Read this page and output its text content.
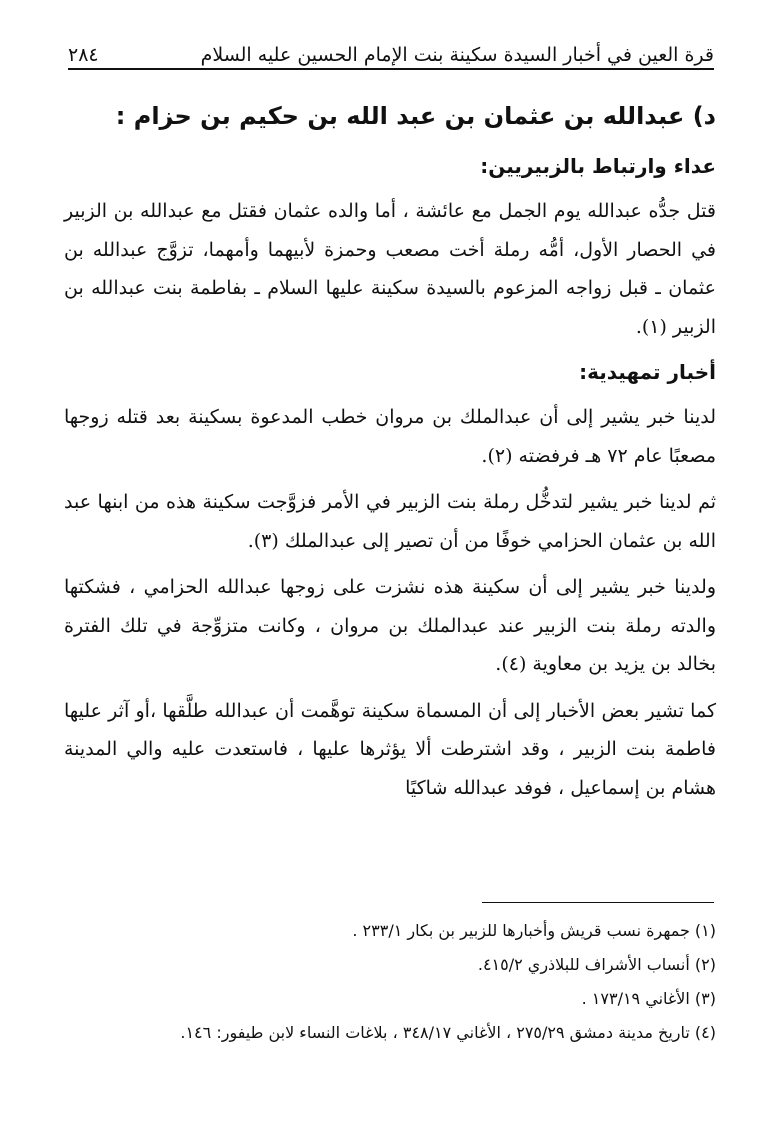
قرة العين في أخبار السيدة سكينة بنت الإمام الحسين عليه السلام
٢٨٤
د) عبدالله بن عثمان بن عبد الله بن حكيم بن حزام :
عداء وارتباط بالزبيريين:

قتل جدُّه عبدالله يوم الجمل مع عائشة ، أما والده عثمان فقتل مع عبدالله بن الزبير في الحصار الأول، أمُّه رملة أخت مصعب وحمزة لأبيهما وأمهما، تزوَّج عبدالله بن عثمان ـ قبل زواجه المزعوم بالسيدة سكينة عليها السلام ـ بفاطمة بنت عبدالله بن الزبير (١).

أخبار تمهيدية:

لدينا خبر يشير إلى أن عبدالملك بن مروان خطب المدعوة بسكينة بعد قتله زوجها مصعبًا عام ٧٢ هـ فرفضته (٢).

ثم لدينا خبر يشير لتدخُّل رملة بنت الزبير في الأمر فزوَّجت سكينة هذه من ابنها عبد الله بن عثمان الحزامي خوفًا من أن تصير إلى عبدالملك (٣).

ولدينا خبر يشير إلى أن سكينة هذه نشزت على زوجها عبدالله الحزامي ، فشكتها والدته رملة بنت الزبير عند عبدالملك بن مروان ، وكانت متزوِّجة في تلك الفترة بخالد بن يزيد بن معاوية (٤).

كما تشير بعض الأخبار إلى أن المسماة سكينة توهَّمت أن عبدالله طلَّقها ،أو آثر عليها فاطمة بنت الزبير ، وقد اشترطت ألا يؤثرها عليها ، فاستعدت عليه والي المدينة هشام بن إسماعيل ، فوفد عبدالله شاكيًا

(١) جمهرة نسب قريش وأخبارها للزبير بن بكار ٢٣٣/١ .

(٢) أنساب الأشراف للبلاذري ٤١٥/٢.

(٣) الأغاني ١٧٣/١٩ .

(٤) تاريخ مدينة دمشق ٢٧٥/٢٩ ، الأغاني ٣٤٨/١٧ ، بلاغات النساء لابن طيفور: ١٤٦.
